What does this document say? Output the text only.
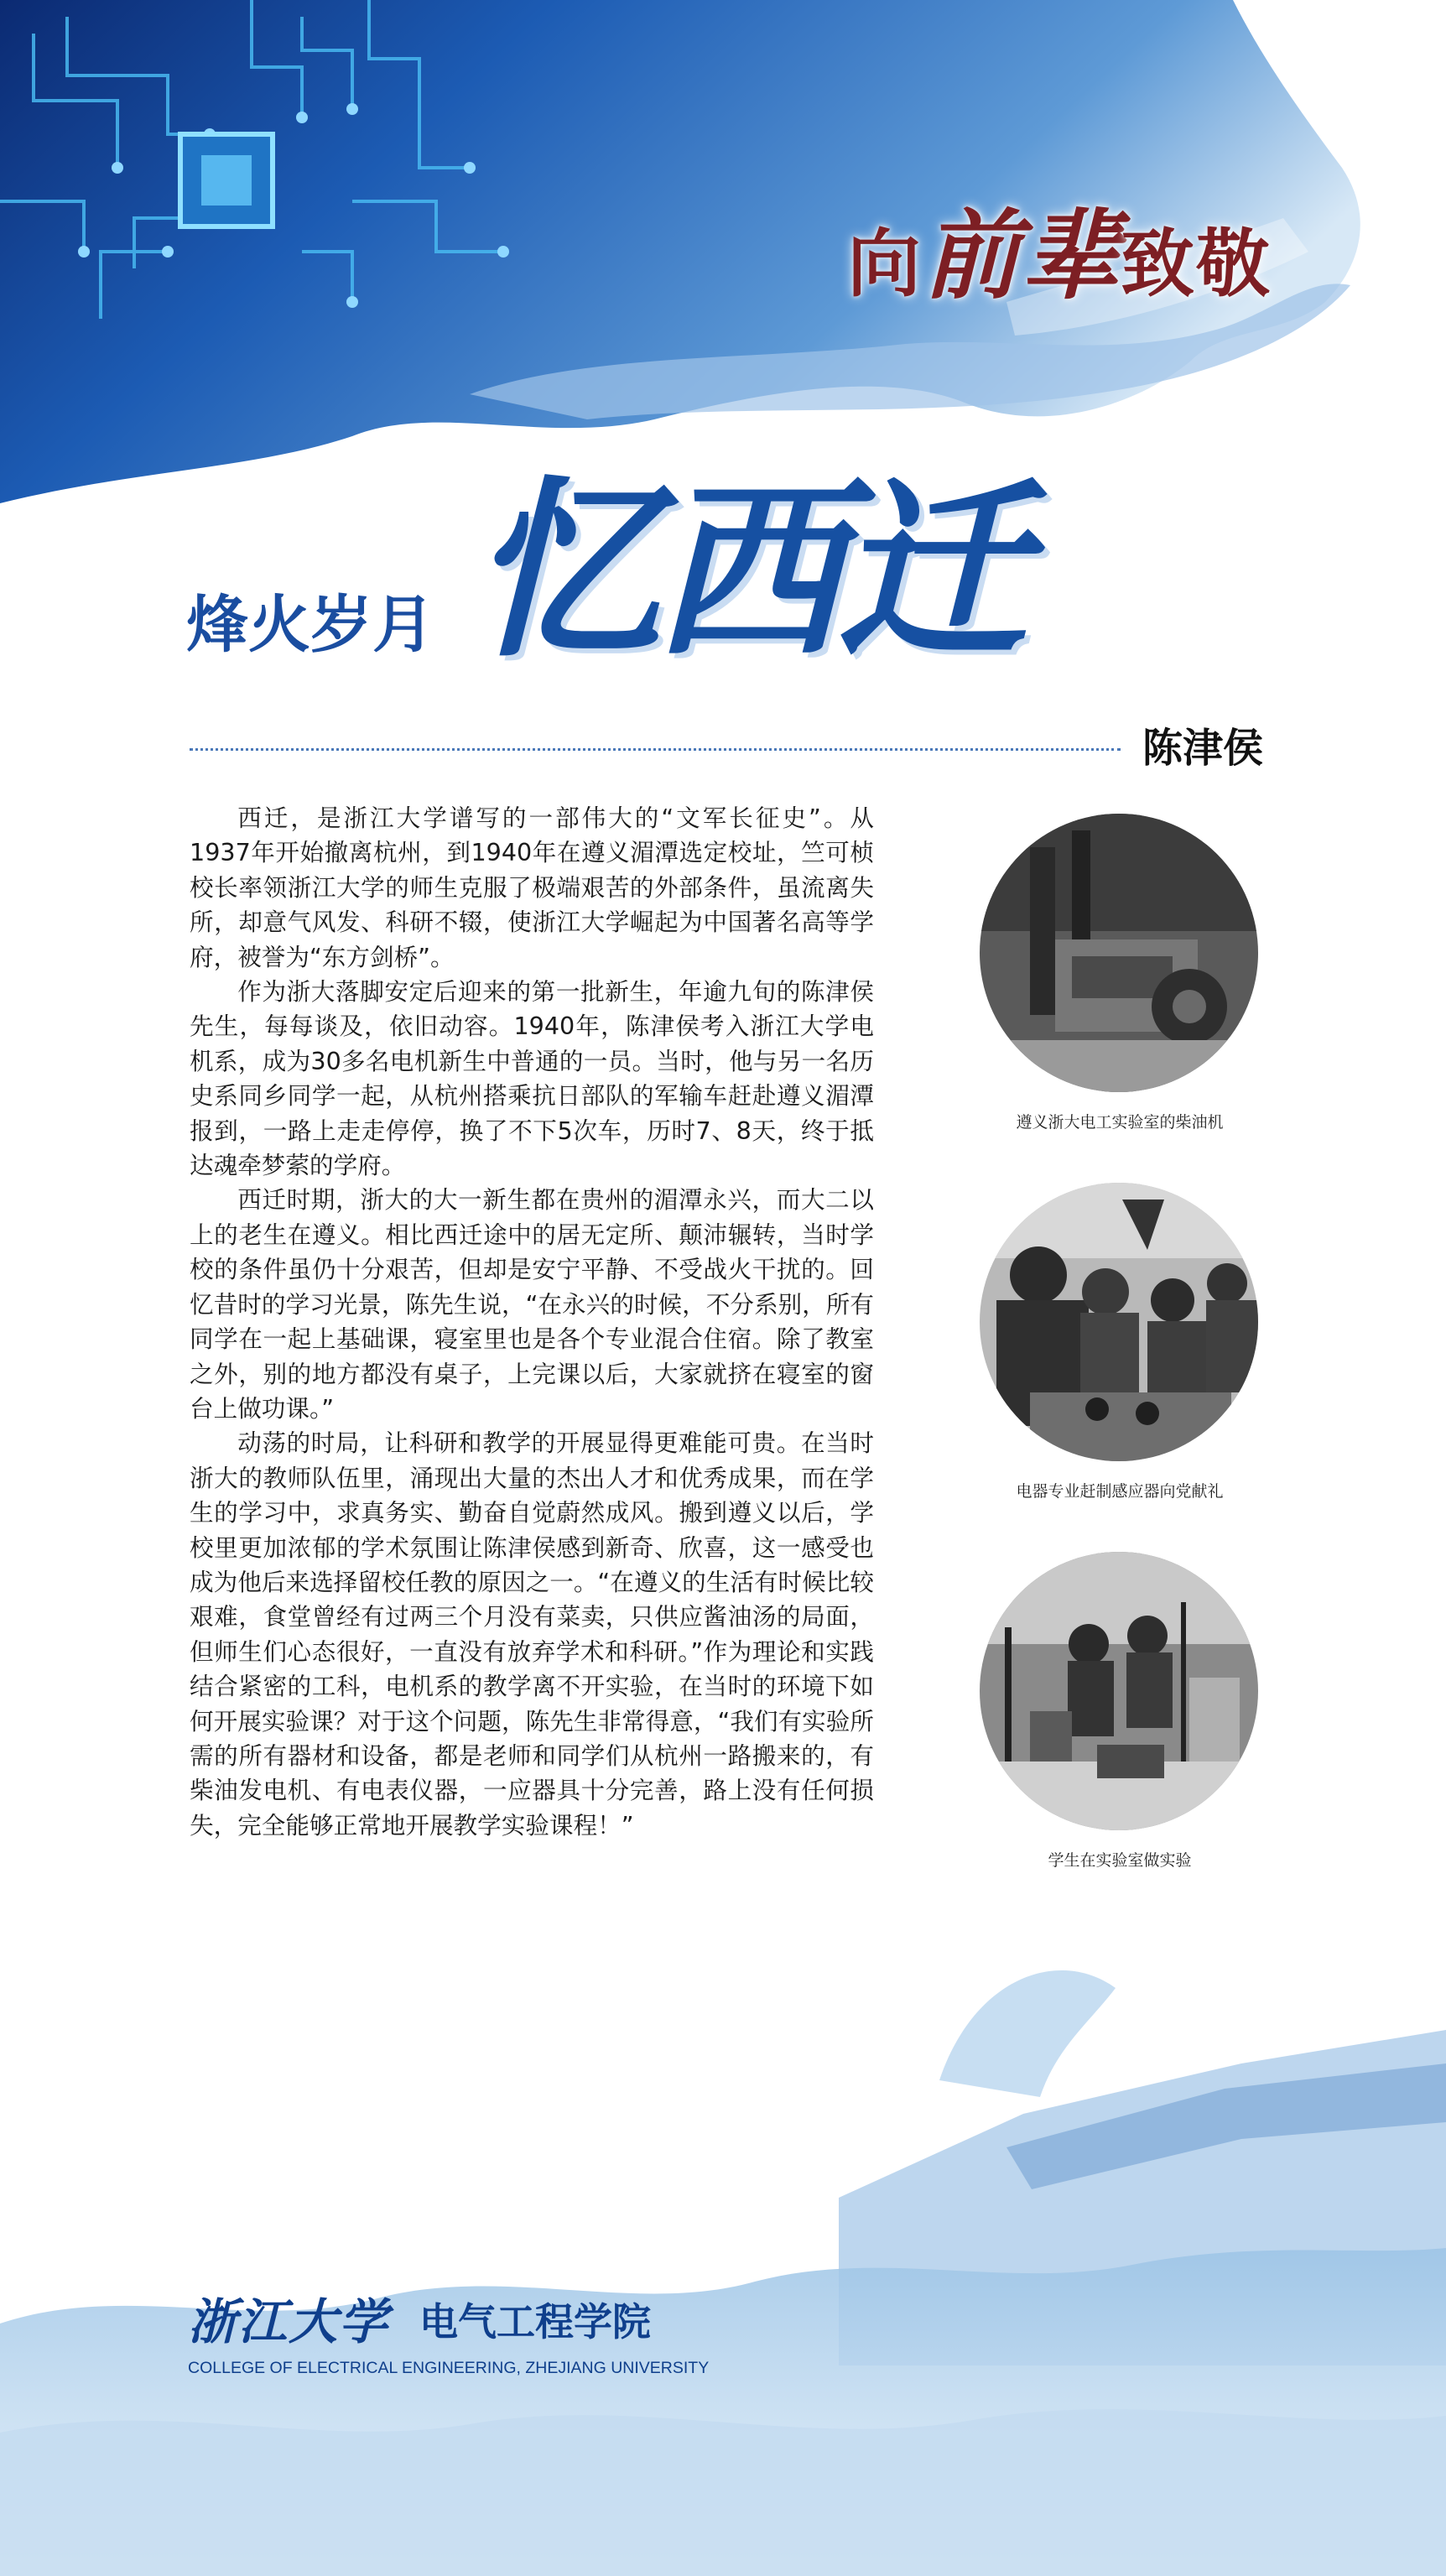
向前辈致敬
烽火岁月 忆西迁
陈津侯

西迁，是浙江大学谱写的一部伟大的“文军长征史”。从1937年开始撤离杭州，到1940年在遵义湄潭选定校址，竺可桢校长率领浙江大学的师生克服了极端艰苦的外部条件，虽流离失所，却意气风发、科研不辍，使浙江大学崛起为中国著名高等学府，被誉为“东方剑桥”。

作为浙大落脚安定后迎来的第一批新生，年逾九旬的陈津侯先生，每每谈及，依旧动容。1940年，陈津侯考入浙江大学电机系，成为30多名电机新生中普通的一员。当时，他与另一名历史系同乡同学一起，从杭州搭乘抗日部队的军输车赶赴遵义湄潭报到，一路上走走停停，换了不下5次车，历时7、8天，终于抵达魂牵梦萦的学府。

西迁时期，浙大的大一新生都在贵州的湄潭永兴，而大二以上的老生在遵义。相比西迁途中的居无定所、颠沛辗转，当时学校的条件虽仍十分艰苦，但却是安宁平静、不受战火干扰的。回忆昔时的学习光景，陈先生说，“在永兴的时候，不分系别，所有同学在一起上基础课，寝室里也是各个专业混合住宿。除了教室之外，别的地方都没有桌子，上完课以后，大家就挤在寝室的窗台上做功课。”

动荡的时局，让科研和教学的开展显得更难能可贵。在当时浙大的教师队伍里，涌现出大量的杰出人才和优秀成果，而在学生的学习中，求真务实、勤奋自觉蔚然成风。搬到遵义以后，学校里更加浓郁的学术氛围让陈津侯感到新奇、欣喜，这一感受也成为他后来选择留校任教的原因之一。“在遵义的生活有时候比较艰难，食堂曾经有过两三个月没有菜卖，只供应酱油汤的局面，但师生们心态很好，一直没有放弃学术和科研。”作为理论和实践结合紧密的工科，电机系的教学离不开实验，在当时的环境下如何开展实验课？对于这个问题，陈先生非常得意，“我们有实验所需的所有器材和设备，都是老师和同学们从杭州一路搬来的，有柴油发电机、有电表仪器，一应器具十分完善，路上没有任何损失，完全能够正常地开展教学实验课程！”

遵义浙大电工实验室的柴油机
电器专业赶制感应器向党献礼
学生在实验室做实验
浙江大学 电气工程学院
COLLEGE OF ELECTRICAL ENGINEERING, ZHEJIANG UNIVERSITY
